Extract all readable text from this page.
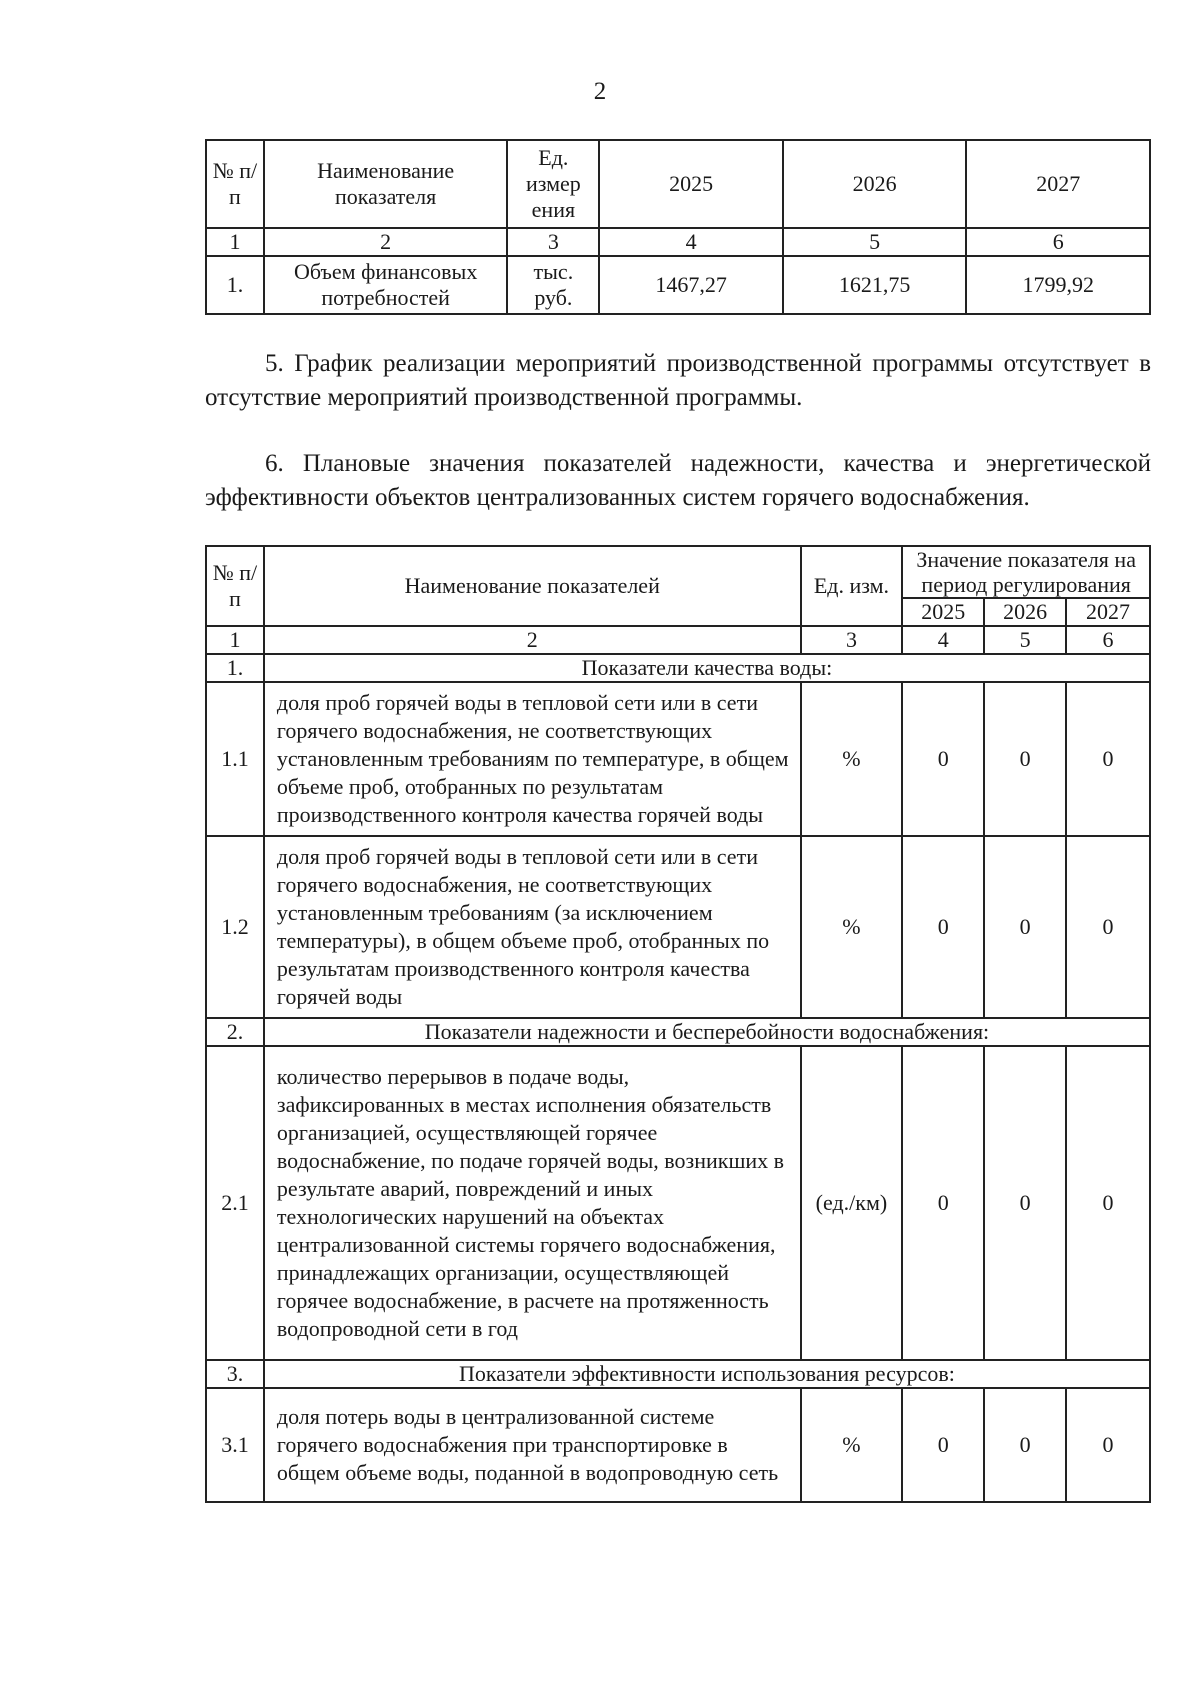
2
№ п/п	Наименование показателя	Ед. измер ения	2025	2026	2027
1	2	3	4	5	6
1.	Объем финансовых потребностей	тыс. руб.	1467,27	1621,75	1799,92
5. График реализации мероприятий производственной программы отсутствует в отсутствие мероприятий производственной программы.
6. Плановые значения показателей надежности, качества и энергетической эффективности объектов централизованных систем горячего водоснабжения.
№ п/п	Наименование показателей	Ед. изм.	Значение показателя на период регулирования		
			2025	2026	2027
1	2	3	4	5	6
1.	Показатели качества воды:				
1.1	доля проб горячей воды в тепловой сети или в сети горячего водоснабжения, не соответствующих установленным требованиям по температуре, в общем объеме проб, отобранных по результатам производственного контроля качества горячей воды	%	0	0	0
1.2	доля проб горячей воды в тепловой сети или в сети горячего водоснабжения, не соответствующих установленным требованиям (за исключением температуры), в общем объеме проб, отобранных по результатам производственного контроля качества горячей воды	%	0	0	0
2.	Показатели надежности и бесперебойности водоснабжения:				
2.1	количество перерывов в подаче воды, зафиксированных в местах исполнения обязательств организацией, осуществляющей горячее водоснабжение, по подаче горячей воды, возникших в результате аварий, повреждений и иных технологических нарушений на объектах централизованной системы горячего водоснабжения, принадлежащих организации, осуществляющей горячее водоснабжение, в расчете на протяженность водопроводной сети в год	(ед./км)	0	0	0
3.	Показатели эффективности использования ресурсов:				
3.1	доля потерь воды в централизованной системе горячего водоснабжения при транспортировке в общем объеме воды, поданной в водопроводную сеть	%	0	0	0
